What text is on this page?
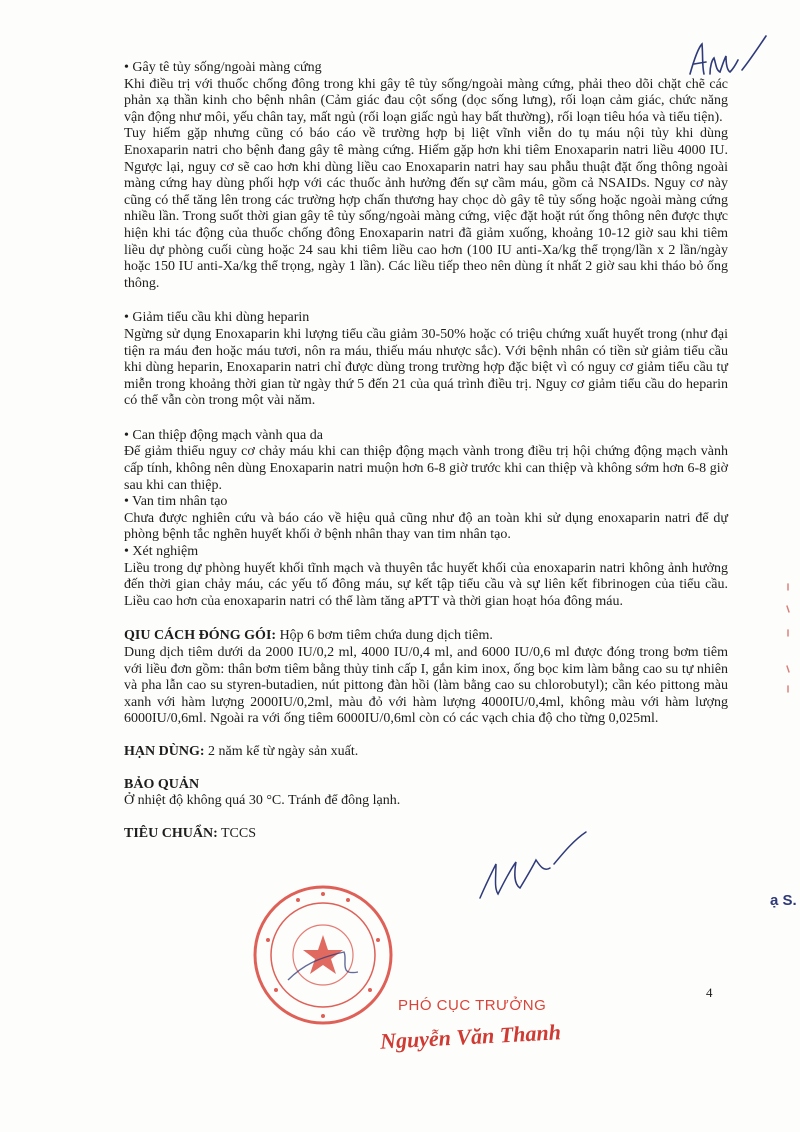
• Gây tê tủy sống/ngoài màng cứng

Khi điều trị với thuốc chống đông trong khi gây tê tủy sống/ngoài màng cứng, phải theo dõi chặt chẽ các phản xạ thần kinh cho bệnh nhân (Cảm giác đau cột sống (dọc sống lưng), rối loạn cảm giác, chức năng vận động như môi, yếu chân tay, mất ngủ (rối loạn giấc ngủ hay bất thường), rối loạn tiêu hóa và tiểu tiện).

Tuy hiếm gặp nhưng cũng có báo cáo về trường hợp bị liệt vĩnh viễn do tụ máu nội tủy khi dùng Enoxaparin natri cho bệnh đang gây tê màng cứng. Hiếm gặp hơn khi tiêm Enoxaparin natri liều 4000 IU. Ngược lại, nguy cơ sẽ cao hơn khi dùng liều cao Enoxaparin natri hay sau phẫu thuật đặt ống thông ngoài màng cứng hay dùng phối hợp với các thuốc ảnh hưởng đến sự cầm máu, gồm cả NSAIDs. Nguy cơ này cũng có thể tăng lên trong các trường hợp chấn thương hay chọc dò gây tê tủy sống hoặc ngoài màng cứng nhiều lần. Trong suốt thời gian gây tê tủy sống/ngoài màng cứng, việc đặt hoặt rút ống thông nên được thực hiện khi tác động của thuốc chống đông Enoxaparin natri đã giảm xuống, khoảng 10-12 giờ sau khi tiêm liều dự phòng cuối cùng hoặc 24 sau khi tiêm liều cao hơn (100 IU anti-Xa/kg thể trọng/lần x 2 lần/ngày hoặc 150 IU anti-Xa/kg thể trọng, ngày 1 lần). Các liều tiếp theo nên dùng ít nhất 2 giờ sau khi tháo bỏ ống thông.

• Giảm tiểu cầu khi dùng heparin

Ngừng sử dụng Enoxaparin khi lượng tiểu cầu giảm 30-50% hoặc có triệu chứng xuất huyết trong (như đại tiện ra máu đen hoặc máu tươi, nôn ra máu, thiếu máu nhược sắc). Với bệnh nhân có tiền sử giảm tiểu cầu khi dùng heparin, Enoxaparin natri chỉ được dùng trong trường hợp đặc biệt vì có nguy cơ giảm tiểu cầu tự miễn trong khoảng thời gian từ ngày thứ 5 đến 21 của quá trình điều trị. Nguy cơ giảm tiểu cầu do heparin có thể vẫn còn trong một vài năm.

• Can thiệp động mạch vành qua da

Để giảm thiểu nguy cơ chảy máu khi can thiệp động mạch vành trong điều trị hội chứng động mạch vành cấp tính, không nên dùng Enoxaparin natri muộn hơn 6-8 giờ trước khi can thiệp và không sớm hơn 6-8 giờ sau khi can thiệp.

• Van tim nhân tạo

Chưa được nghiên cứu và báo cáo về hiệu quả cũng như độ an toàn khi sử dụng enoxaparin natri để dự phòng bệnh tắc nghẽn huyết khối ở bệnh nhân thay van tim nhân tạo.

• Xét nghiệm

Liều trong dự phòng huyết khối tĩnh mạch và thuyên tắc huyết khối của enoxaparin natri không ảnh hưởng đến thời gian chảy máu, các yếu tố đông máu, sự kết tập tiểu cầu và sự liên kết fibrinogen của tiểu cầu. Liều cao hơn của enoxaparin natri có thể làm tăng aPTT và thời gian hoạt hóa đông máu.

QIU CÁCH ĐÓNG GÓI: Hộp 6 bơm tiêm chứa dung dịch tiêm.

Dung dịch tiêm dưới da 2000 IU/0,2 ml, 4000 IU/0,4 ml, and 6000 IU/0,6 ml được đóng trong bơm tiêm với liều đơn gồm: thân bơm tiêm bằng thủy tinh cấp I, gắn kim inox, ống bọc kim làm bằng cao su tự nhiên và pha lẫn cao su styren-butadien, nút pittong đàn hồi (làm bằng cao su chlorobutyl); cần kéo pittong màu xanh với hàm lượng 2000IU/0,2ml, màu đỏ với hàm lượng 4000IU/0,4ml, không màu với hàm lượng 6000IU/0,6ml. Ngoài ra với ống tiêm 6000IU/0,6ml còn có các vạch chia độ cho từng 0,025ml.

HẠN DÙNG: 2 năm kể từ ngày sản xuất.

BẢO QUẢN

Ở nhiệt độ không quá 30 °C. Tránh để đông lạnh.

TIÊU CHUẨN: TCCS

PHÓ CỤC TRƯỞNG
Nguyễn Văn Thanh
4
ạ S.
